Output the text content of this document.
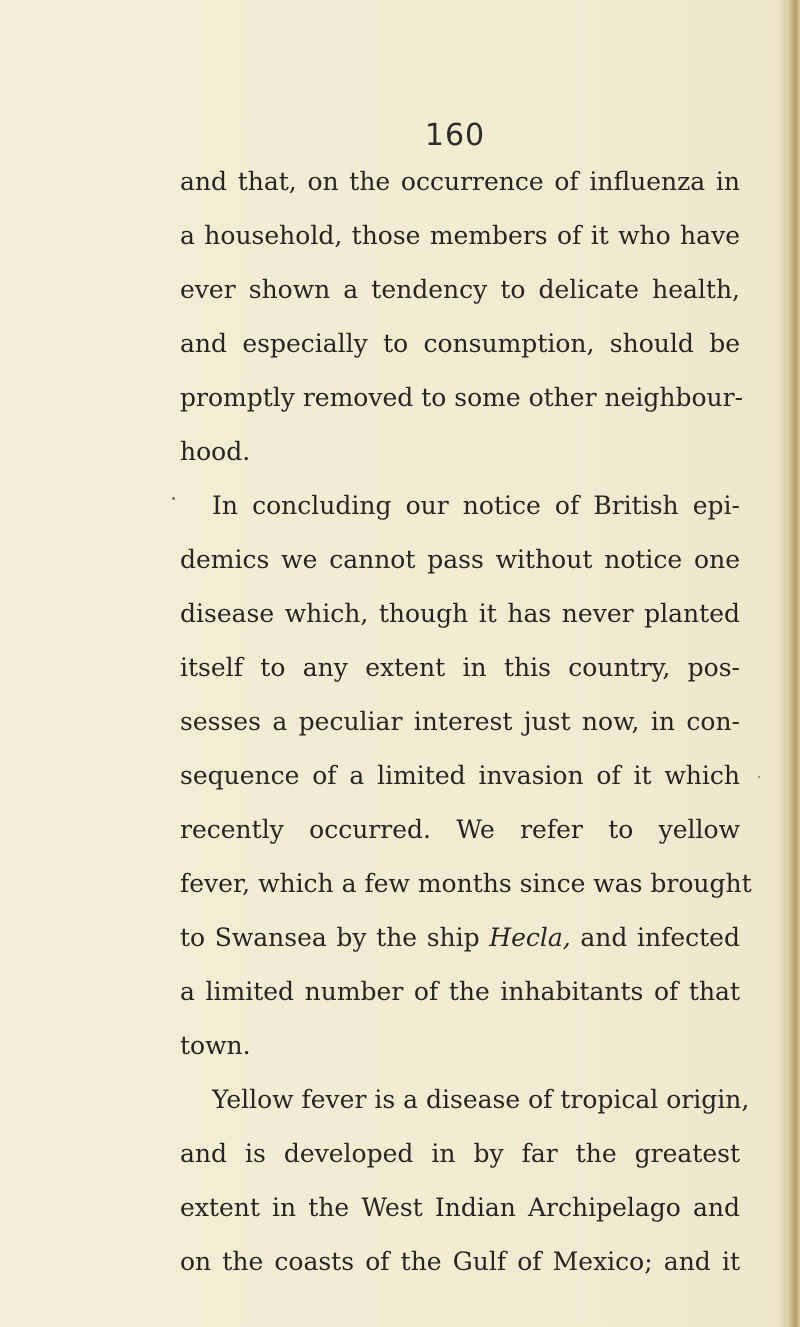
160
and that, on the occurrence of influenza in
a household, those members of it who have
ever shown a tendency to delicate health,
and especially to consumption, should be
promptly removed to some other neighbour-
hood.
In concluding our notice of British epi-
demics we cannot pass without notice one
disease which, though it has never planted
itself to any extent in this country, pos-
sesses a peculiar interest just now, in con-
sequence of a limited invasion of it which
recently occurred. We refer to yellow
fever, which a few months since was brought
to Swansea by the ship Hecla, and infected
a limited number of the inhabitants of that
town.
Yellow fever is a disease of tropical origin,
and is developed in by far the greatest
extent in the West Indian Archipelago and
on the coasts of the Gulf of Mexico; and it
